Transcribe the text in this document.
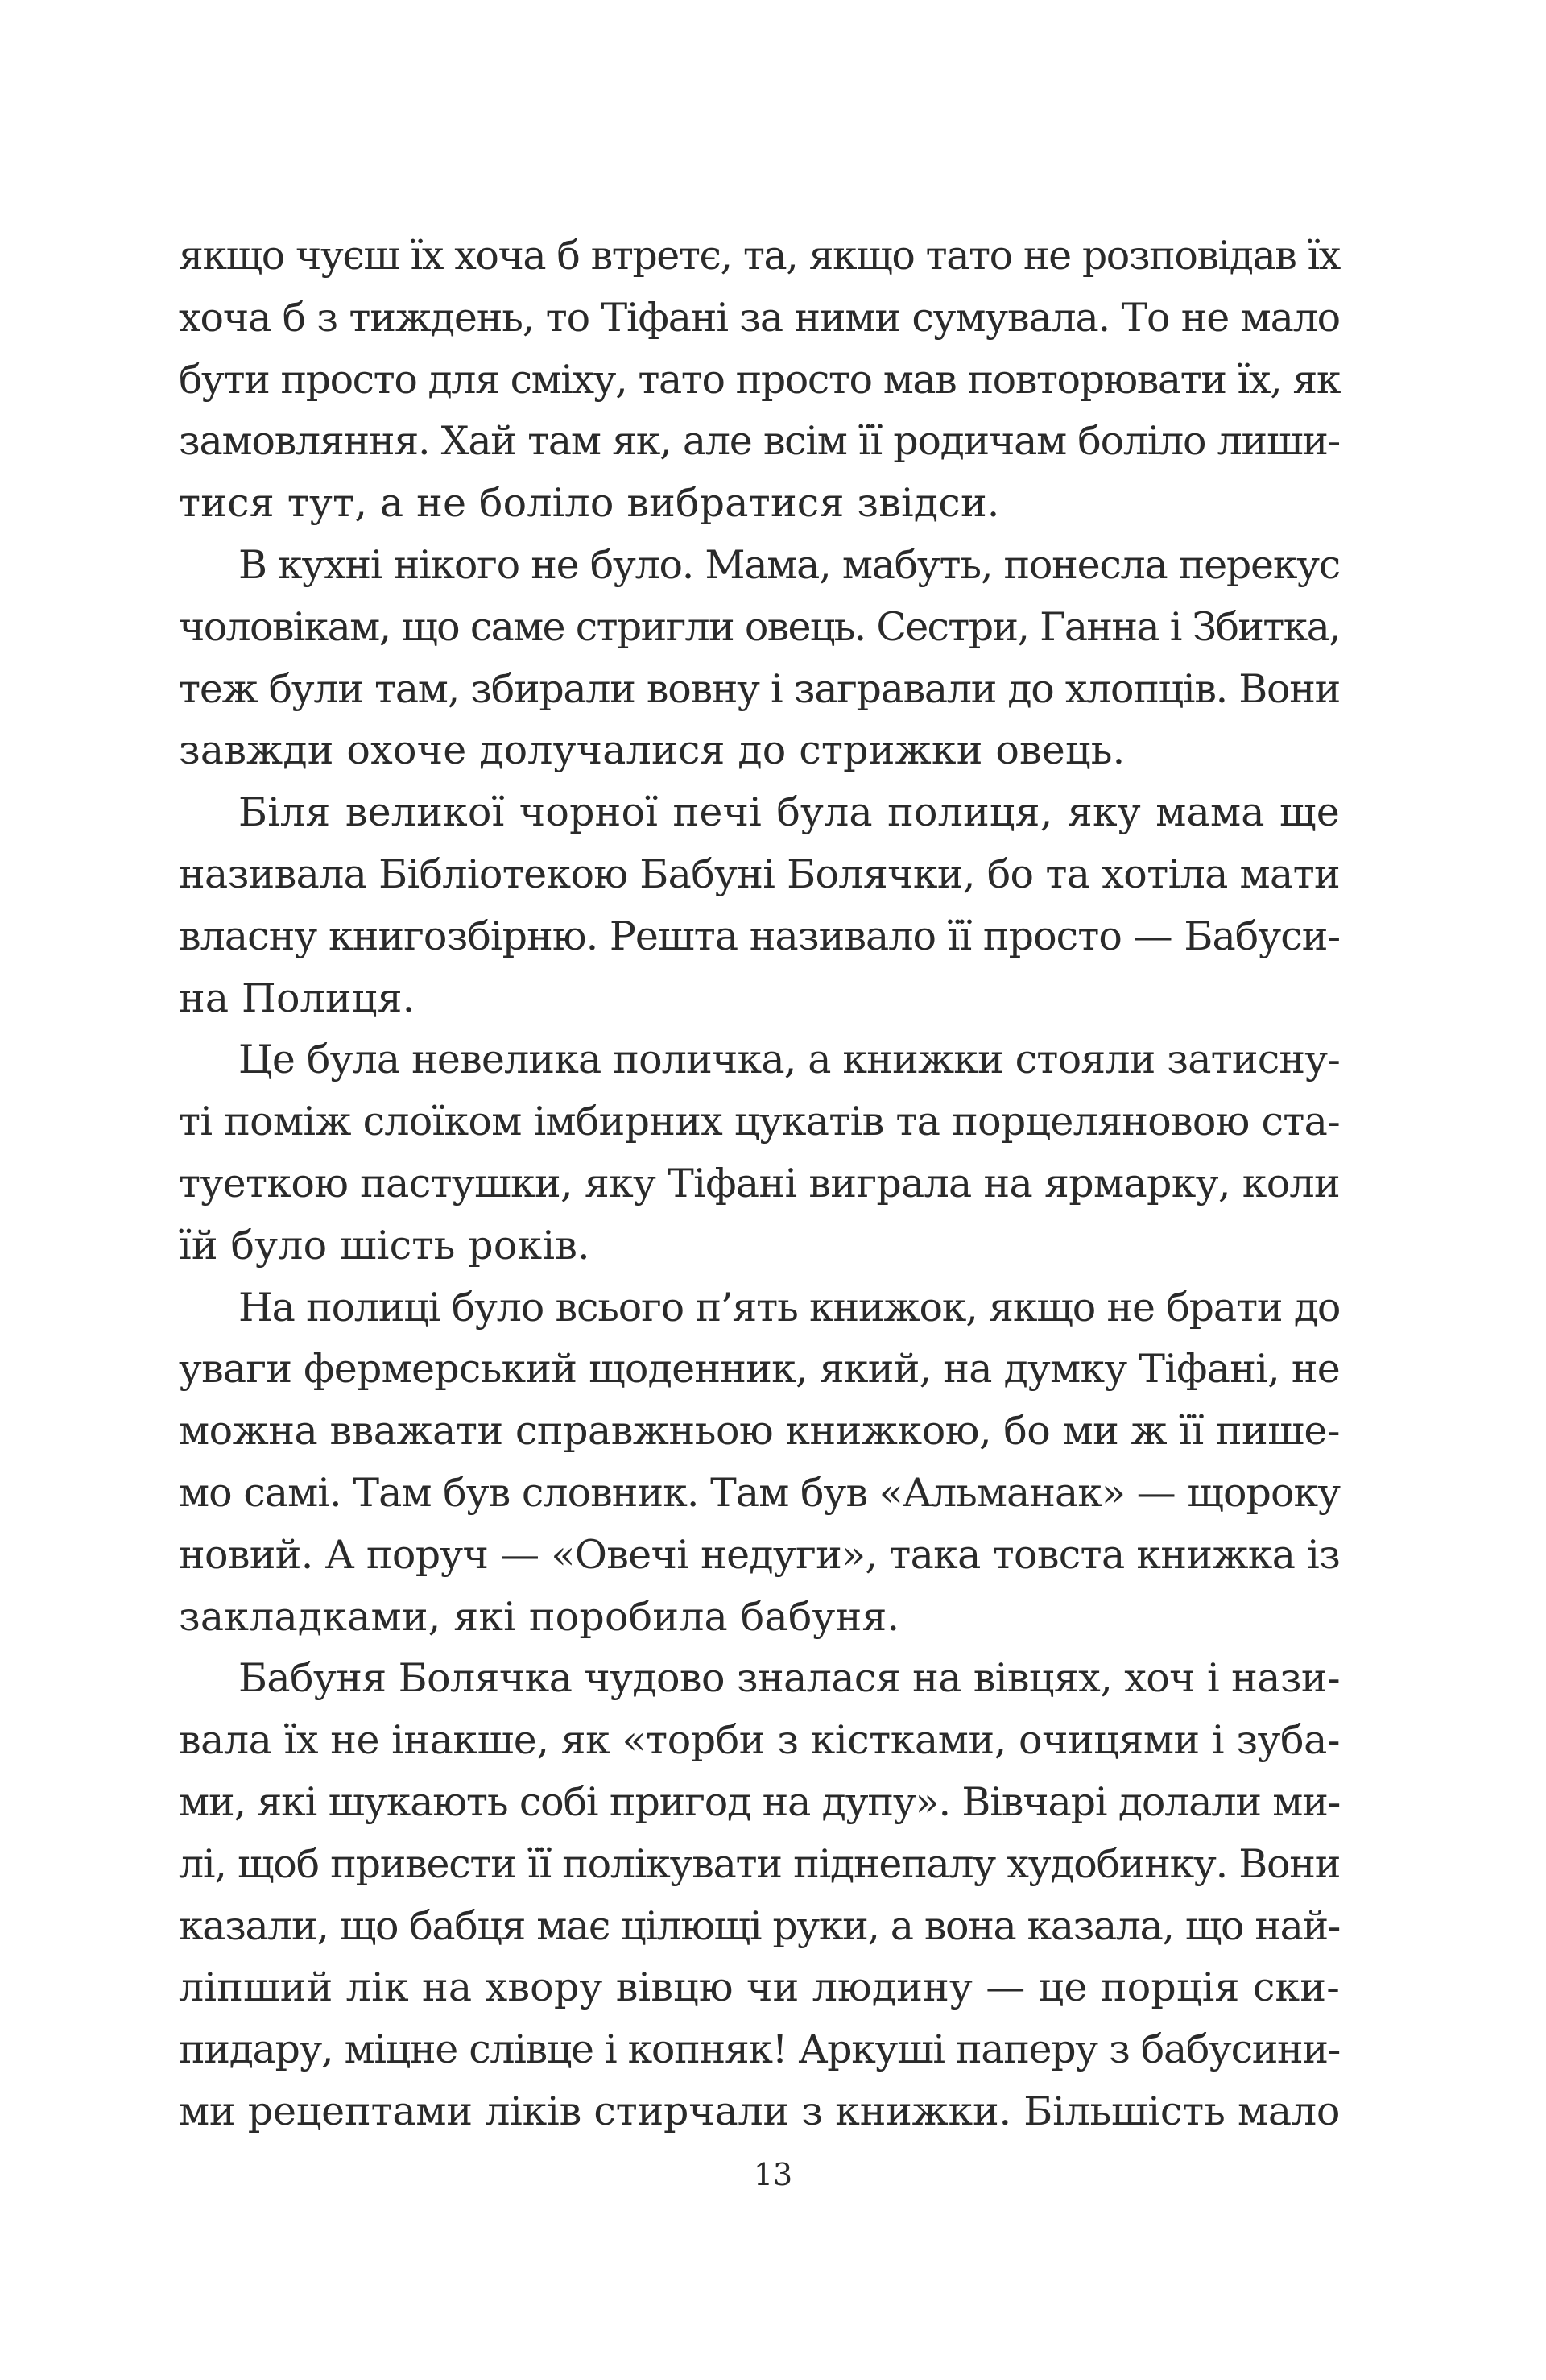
якщо чуєш їх хоча б втретє, та, якщо тато не розповідав їх
хоча б з тиждень, то Тіфані за ними сумувала. То не мало
бути просто для сміху, тато просто мав повторювати їх, як
замовляння. Хай там як, але всім її родичам боліло лиши-
тися тут, а не боліло вибратися звідси.
В кухні нікого не було. Мама, мабуть, понесла перекус
чоловікам, що саме стригли овець. Сестри, Ганна і Збитка,
теж були там, збирали вовну і загравали до хлопців. Вони
завжди охоче долучалися до стрижки овець.
Біля великої чорної печі була полиця, яку мама ще
називала Бібліотекою Бабуні Болячки, бо та хотіла мати
власну книгозбірню. Решта називало її просто — Бабуси-
на Полиця.
Це була невелика поличка, а книжки стояли затисну-
ті поміж слоїком імбирних цукатів та порцеляновою ста-
туеткою пастушки, яку Тіфані виграла на ярмарку, коли
їй було шість років.
На полиці було всього п’ять книжок, якщо не брати до
уваги фермерський щоденник, який, на думку Тіфані, не
можна вважати справжньою книжкою, бо ми ж її пише-
мо самі. Там був словник. Там був «Альманак» — щороку
новий. А поруч — «Овечі недуги», така товста книжка із
закладками, які поробила бабуня.
Бабуня Болячка чудово зналася на вівцях, хоч і нази-
вала їх не інакше, як «торби з кістками, очицями і зуба-
ми, які шукають собі пригод на дупу». Вівчарі долали ми-
лі, щоб привести її полікувати піднепалу худобинку. Вони
казали, що бабця має цілющі руки, а вона казала, що най-
ліпший лік на хвору вівцю чи людину — це порція ски-
пидару, міцне слівце і копняк! Аркуші паперу з бабусини-
ми рецептами ліків стирчали з книжки. Більшість мало
13
